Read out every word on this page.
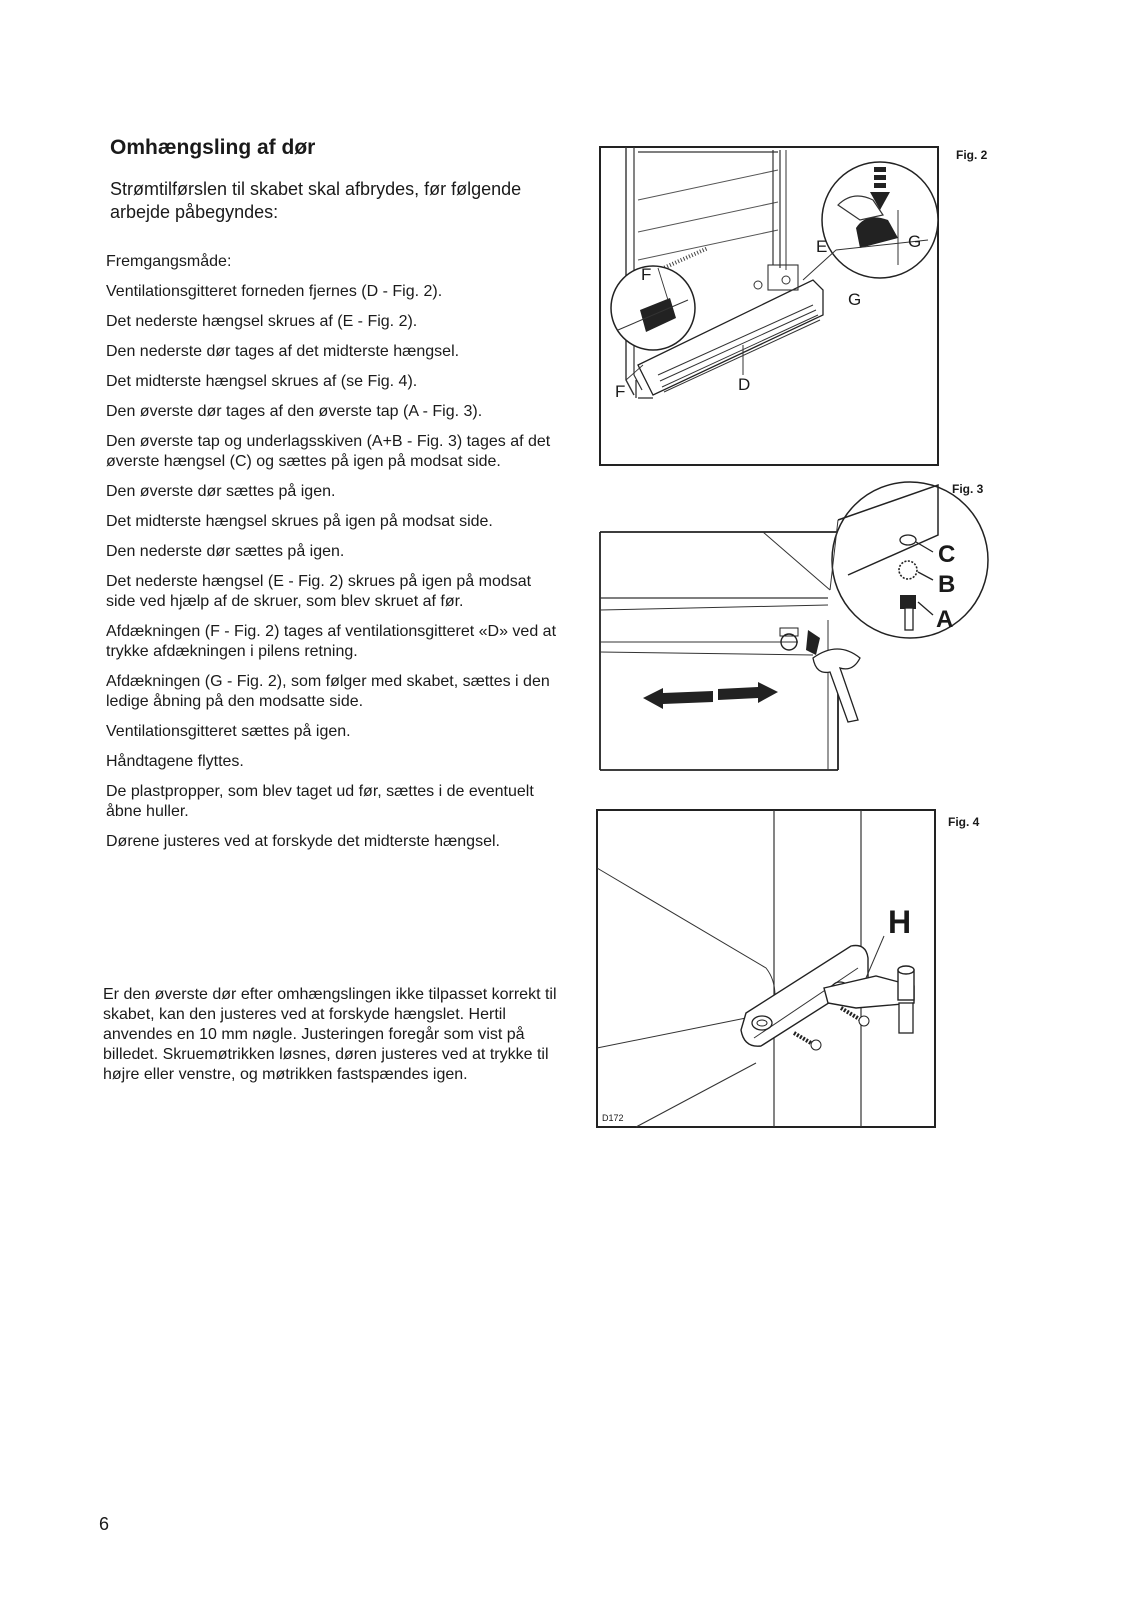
Omhængsling af dør
Strømtilførslen til skabet skal afbrydes, før følgende arbejde påbegyndes:

Fremgangsmåde:

Ventilationsgitteret forneden fjernes (D - Fig. 2).

Det nederste hængsel skrues af (E - Fig. 2).

Den nederste dør tages af det midterste hængsel.

Det midterste hængsel skrues af (se Fig. 4).

Den øverste dør tages af den øverste tap (A - Fig. 3).

Den øverste tap og underlagsskiven (A+B - Fig. 3) tages af det øverste hængsel (C) og sættes på igen på modsat side.

Den øverste dør sættes på igen.

Det midterste hængsel skrues på igen på modsat side.

Den nederste dør sættes på igen.

Det nederste hængsel (E - Fig. 2) skrues på igen på modsat side ved hjælp af de skruer, som blev skruet af før.

Afdækningen (F - Fig. 2) tages af ventilationsgitteret «D» ved at trykke afdækningen i pilens retning.

Afdækningen (G - Fig. 2), som følger med skabet, sættes i den ledige åbning på den modsatte side.

Ventilationsgitteret sættes på igen.

Håndtagene flyttes.

De plastpropper, som blev taget ud før, sættes i de eventuelt åbne huller.

Dørene justeres ved at forskyde det midterste hængsel.

Er den øverste dør efter omhængslingen ikke tilpasset korrekt til skabet, kan den justeres ved at forskyde hængslet. Hertil anvendes en 10 mm nøgle. Justeringen foregår som vist på billedet. Skruemøtrikken løsnes, døren justeres ved at trykke til højre eller venstre, og møtrikken fastspændes igen.

E	G
F
G
F	D
Fig. 2
C
B
A
Fig. 3
H
D172
Fig. 4
6
